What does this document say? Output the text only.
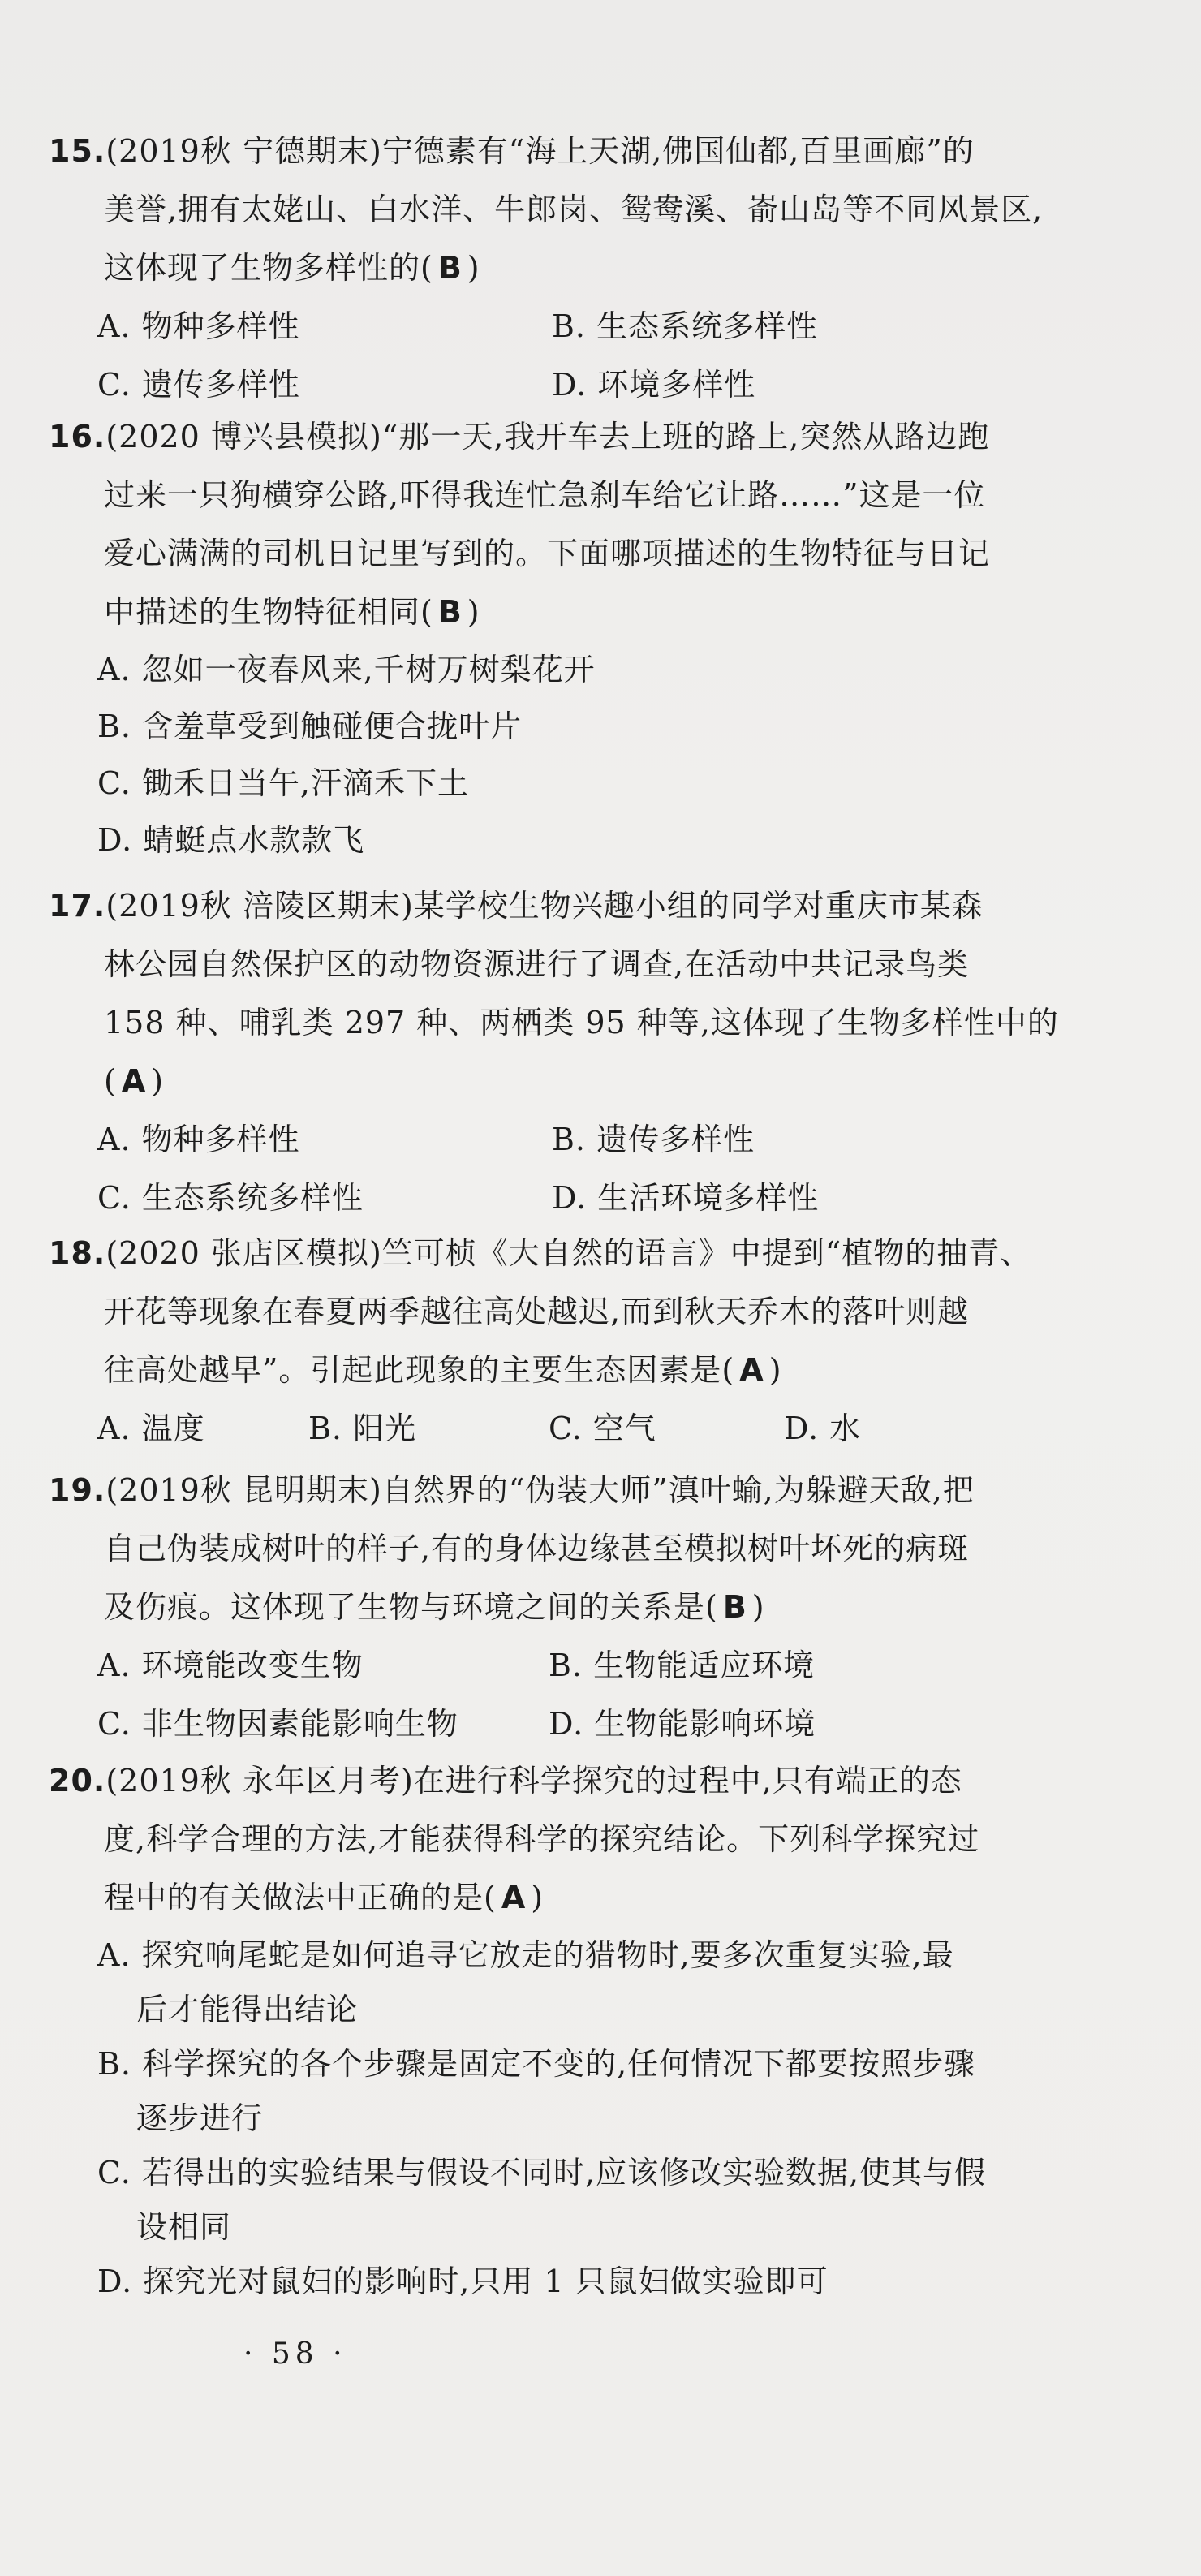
15.(2019秋 宁德期末)宁德素有“海上天湖,佛国仙都,百里画廊”的
美誉,拥有太姥山、白水洋、牛郎岗、鸳鸯溪、嵛山岛等不同风景区,
这体现了生物多样性的( B )
A. 物种多样性	B. 生态系统多样性
C. 遗传多样性	D. 环境多样性
16.(2020 博兴县模拟)“那一天,我开车去上班的路上,突然从路边跑
过来一只狗横穿公路,吓得我连忙急刹车给它让路……”这是一位
爱心满满的司机日记里写到的。下面哪项描述的生物特征与日记
中描述的生物特征相同( B )
A. 忽如一夜春风来,千树万树梨花开
B. 含羞草受到触碰便合拢叶片
C. 锄禾日当午,汗滴禾下土
D. 蜻蜓点水款款飞
17.(2019秋 涪陵区期末)某学校生物兴趣小组的同学对重庆市某森
林公园自然保护区的动物资源进行了调查,在活动中共记录鸟类
158 种、哺乳类 297 种、两栖类 95 种等,这体现了生物多样性中的
( A )
A. 物种多样性	B. 遗传多样性
C. 生态系统多样性	D. 生活环境多样性
18.(2020 张店区模拟)竺可桢《大自然的语言》中提到“植物的抽青、
开花等现象在春夏两季越往高处越迟,而到秋天乔木的落叶则越
往高处越早”。引起此现象的主要生态因素是( A )
A. 温度	B. 阳光	C. 空气	D. 水
19.(2019秋 昆明期末)自然界的“伪装大师”滇叶蝓,为躲避天敌,把
自己伪装成树叶的样子,有的身体边缘甚至模拟树叶坏死的病斑
及伤痕。这体现了生物与环境之间的关系是( B )
A. 环境能改变生物	B. 生物能适应环境
C. 非生物因素能影响生物	D. 生物能影响环境
20.(2019秋 永年区月考)在进行科学探究的过程中,只有端正的态
度,科学合理的方法,才能获得科学的探究结论。下列科学探究过
程中的有关做法中正确的是( A )
A. 探究响尾蛇是如何追寻它放走的猎物时,要多次重复实验,最
后才能得出结论
B. 科学探究的各个步骤是固定不变的,任何情况下都要按照步骤
逐步进行
C. 若得出的实验结果与假设不同时,应该修改实验数据,使其与假
设相同
D. 探究光对鼠妇的影响时,只用 1 只鼠妇做实验即可
· 58 ·
